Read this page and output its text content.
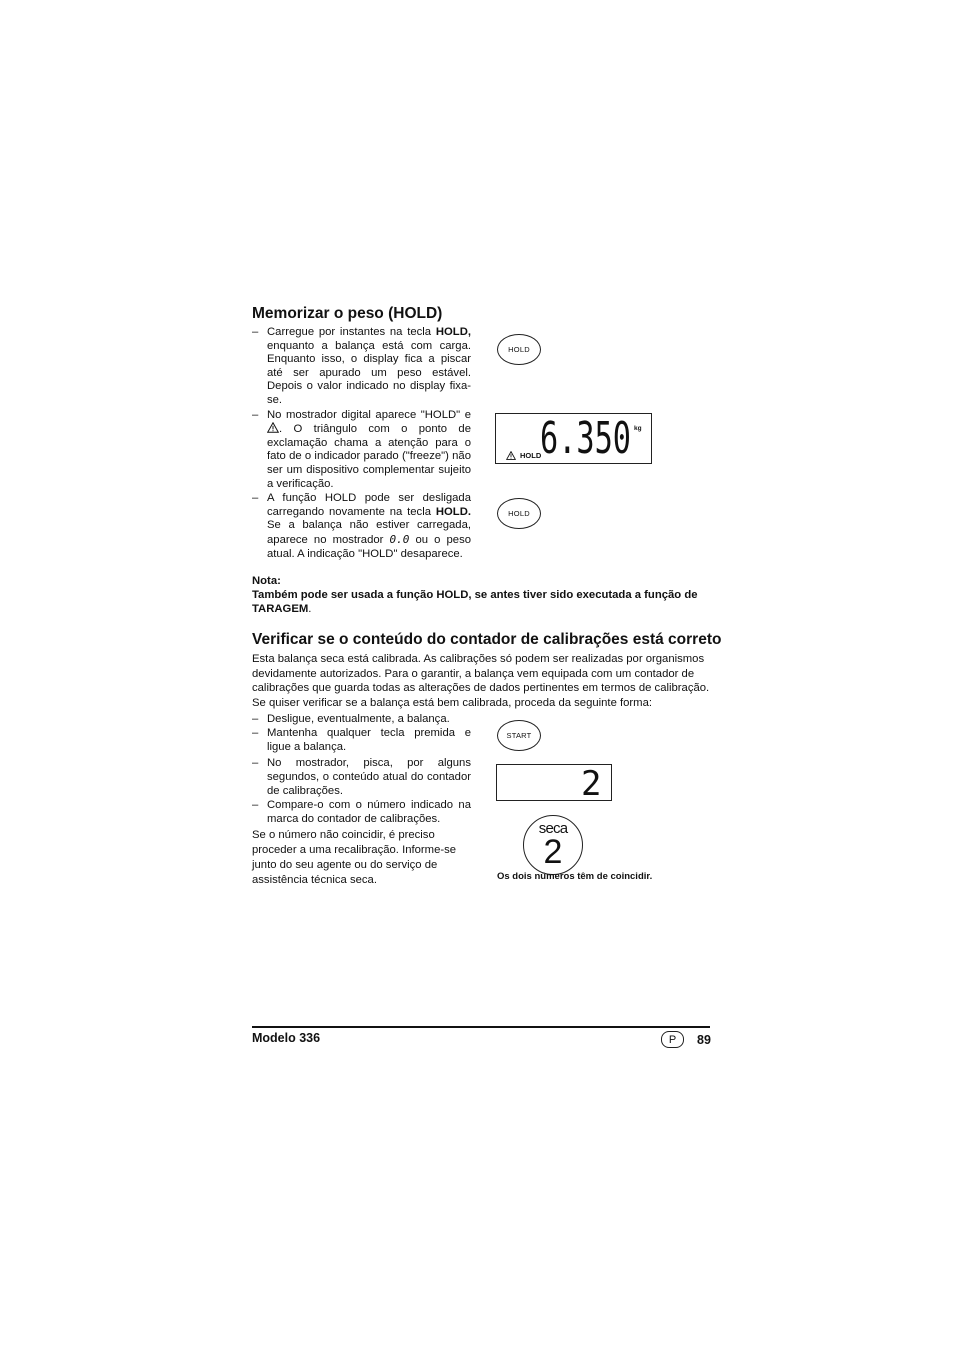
Memorizar o peso (HOLD)
– Carregue por instantes na tecla HOLD, enquanto a balança está com carga. Enquanto isso, o display fica a piscar até ser apurado um peso estável. Depois o valor indicado no display fixa-se.
– No mostrador digital aparece "HOLD" e . O triângulo com o ponto de exclamação chama a atenção para o fato de o indicador parado ("freeze") não ser um dispositivo complementar sujeito a verificação.
– A função HOLD pode ser desligada carregando novamente na tecla HOLD. Se a balança não estiver carregada, aparece no mostrador 0.0 ou o peso atual. A indicação "HOLD" desaparece.
HOLD
6.350 kg
HOLD
HOLD
Nota:
Também pode ser usada a função HOLD, se antes tiver sido executada a função de TARAGEM.
Verificar se o conteúdo do contador de calibrações está correto
Esta balança seca está calibrada. As calibrações só podem ser realizadas por organismos devidamente autorizados. Para o garantir, a balança vem equipada com um contador de calibrações que guarda todas as alterações de dados pertinentes em termos de calibração. Se quiser verificar se a balança está bem calibrada, proceda da seguinte forma:
– Desligue, eventualmente, a balança.
– Mantenha qualquer tecla premida e ligue a balança.
– No mostrador, pisca, por alguns segundos, o conteúdo atual do contador de calibrações.
– Compare-o com o número indicado na marca do contador de calibrações.
Se o número não coincidir, é preciso proceder a uma recalibração. Informe-se junto do seu agente ou do serviço de assistência técnica seca.
START
2
seca
2
Os dois números têm de coincidir.
Modelo 336	P	89
